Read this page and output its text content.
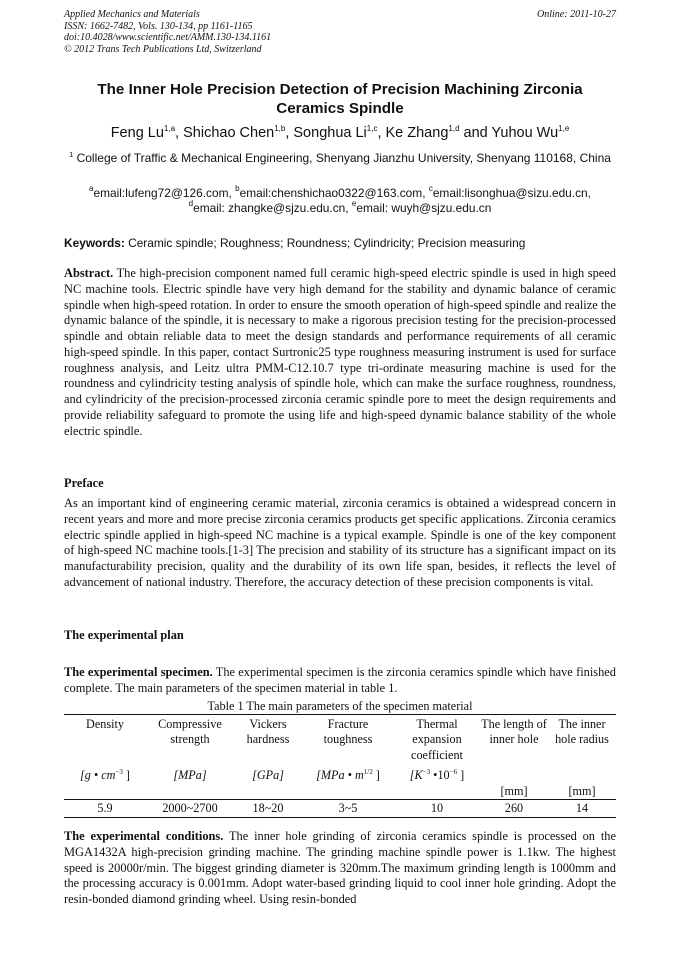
Applied Mechanics and Materials
ISSN: 1662-7482, Vols. 130-134, pp 1161-1165
doi:10.4028/www.scientific.net/AMM.130-134.1161
© 2012 Trans Tech Publications Ltd, Switzerland
Online: 2011-10-27
The Inner Hole Precision Detection of Precision Machining Zirconia Ceramics Spindle
Feng Lu$^{1,a}$, Shichao Chen$^{1,b}$, Songhua Li$^{1,c}$, Ke Zhang$^{1,d}$ and Yuhou Wu$^{1,e}$
$^1$ College of Traffic & Mechanical Engineering, Shenyang Jianzhu University, Shenyang 110168, China
$^a$email:lufeng72@126.com, $^b$email:chenshichao0322@163.com, $^c$email:lisonghua@sizu.edu.cn,
$^d$email: zhangke@sjzu.edu.cn, $^e$email: wuyh@sjzu.edu.cn
Keywords: Ceramic spindle; Roughness; Roundness; Cylindricity; Precision measuring
Abstract. The high-precision component named full ceramic high-speed electric spindle is used in high speed NC machine tools. Electric spindle have very high demand for the stability and dynamic balance of ceramic spindle when high-speed rotation. In order to ensure the smooth operation of high-speed spindle and realize the dynamic balance of the spindle, it is necessary to make a rigorous precision testing for the precision-processed spindle and obtain reliable data to meet the design standards and performance requirements of all ceramic high-speed spindle. In this paper, contact Surtronic25 type roughness measuring instrument is used for surface roughness analysis, and Leitz ultra PMM-C12.10.7 type tri-ordinate measuring machine is used for the roundness and cylindricity testing analysis of spindle hole, which can make the surface roughness, roundness, and cylindricity of the precision-processed zirconia ceramic spindle pore to meet the design requirements and provide reliability safeguard to promote the using life and high-speed dynamic balance stability of the whole electric spindle.
Preface
As an important kind of engineering ceramic material, zirconia ceramics is obtained a widespread concern in recent years and more and more precise zirconia ceramics products get specific applications. Zirconia ceramics electric spindle applied in high-speed NC machine is a typical example. Spindle is one of the key component of high-speed NC machine tools.[1-3] The precision and stability of its structure has a significant impact on its manufacturability precision, quality and the durability of its own life span, besides, it reflects the level of advancement of national industry. Therefore, the accuracy detection of these precision components is vital.
The experimental plan
The experimental specimen. The experimental specimen is the zirconia ceramics spindle which have finished complete. The main parameters of the specimen material in table 1.
Table 1 The main parameters of the specimen material
Density	Compressive strength	Vickers hardness	Fracture toughness	Thermal expansion coefficient	The length of inner hole	The inner hole radius
[g • $cm^{-3}$ ]	[MPa]	[GPa]	[MPa • $m^{1/2}$ ]	[$K^{-3}$ $•10^{-6}$ ]		
					[mm]	[mm]
5.9	2000~2700	18~20	3~5	10	260	14
The experimental conditions. The inner hole grinding of zirconia ceramics spindle is processed on the MGA1432A high-precision grinding machine. The grinding machine spindle power is 1.1kw. The highest speed is 20000r/min. The biggest grinding diameter is 320mm.The maximum grinding length is 1000mm and the processing accuracy is 0.001mm. Adopt water-based grinding liquid to cool inner hole grinding. Adopt the resin-bonded diamond grinding wheel. Using resin-bonded
